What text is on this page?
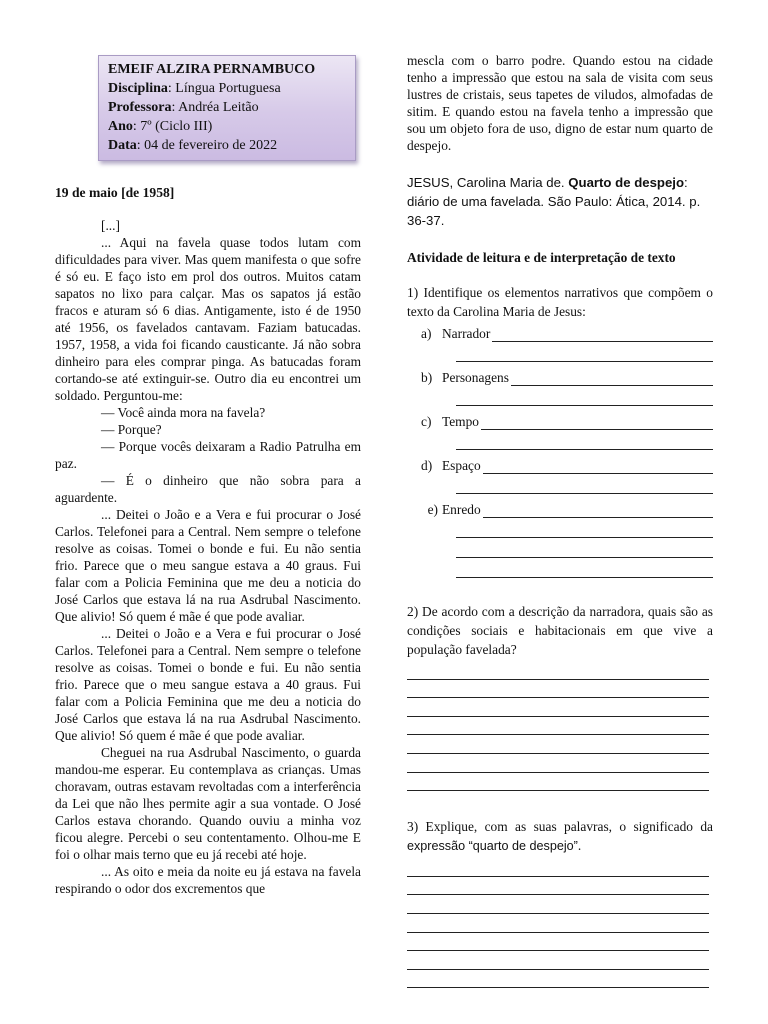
EMEIF ALZIRA PERNAMBUCO
Disciplina: Língua Portuguesa
Professora: Andréa Leitão
Ano: 7º (Ciclo III)
Data: 04 de fevereiro de 2022
19 de maio [de 1958]

[...]

... Aqui na favela quase todos lutam com dificuldades para viver. Mas quem manifesta o que sofre é só eu. E faço isto em prol dos outros. Muitos catam sapatos no lixo para calçar. Mas os sapatos já estão fracos e aturam só 6 dias. Antigamente, isto é de 1950 até 1956, os favelados cantavam. Faziam batucadas. 1957, 1958, a vida foi ficando causticante. Já não sobra dinheiro para eles comprar pinga. As batucadas foram cortando-se até extinguir-se. Outro dia eu encontrei um soldado. Perguntou-me:

— Você ainda mora na favela?

— Porque?

— Porque vocês deixaram a Radio Patrulha em paz.

— É o dinheiro que não sobra para a aguardente.

... Deitei o João e a Vera e fui procurar o José Carlos. Telefonei para a Central. Nem sempre o telefone resolve as coisas. Tomei o bonde e fui. Eu não sentia frio. Parece que o meu sangue estava a 40 graus. Fui falar com a Policia Feminina que me deu a noticia do José Carlos que estava lá na rua Asdrubal Nascimento. Que alivio! Só quem é mãe é que pode avaliar.

... Deitei o João e a Vera e fui procurar o José Carlos. Telefonei para a Central. Nem sempre o telefone resolve as coisas. Tomei o bonde e fui. Eu não sentia frio. Parece que o meu sangue estava a 40 graus. Fui falar com a Policia Feminina que me deu a noticia do José Carlos que estava lá na rua Asdrubal Nascimento. Que alivio! Só quem é mãe é que pode avaliar.

Cheguei na rua Asdrubal Nascimento, o guarda mandou-me esperar. Eu contemplava as crianças. Umas choravam, outras estavam revoltadas com a interferência da Lei que não lhes permite agir a sua vontade. O José Carlos estava chorando. Quando ouviu a minha voz ficou alegre. Percebi o seu contentamento. Olhou-me E foi o olhar mais terno que eu já recebi até hoje.

... As oito e meia da noite eu já estava na favela respirando o odor dos excrementos que

mescla com o barro podre. Quando estou na cidade tenho a impressão que estou na sala de visita com seus lustres de cristais, seus tapetes de viludos, almofadas de sitim. E quando estou na favela tenho a impressão que sou um objeto fora de uso, digno de estar num quarto de despejo.

JESUS, Carolina Maria de. Quarto de despejo: diário de uma favelada. São Paulo: Ática, 2014. p. 36-37.
Atividade de leitura e de interpretação de texto

1) Identifique os elementos narrativos que compõem o texto da Carolina Maria de Jesus:

a) Narrador
b) Personagens
c) Tempo
d) Espaço
e) Enredo

2) De acordo com a descrição da narradora, quais são as condições sociais e habitacionais em que vive a população favelada?

3) Explique, com as suas palavras, o significado da expressão “quarto de despejo”.
